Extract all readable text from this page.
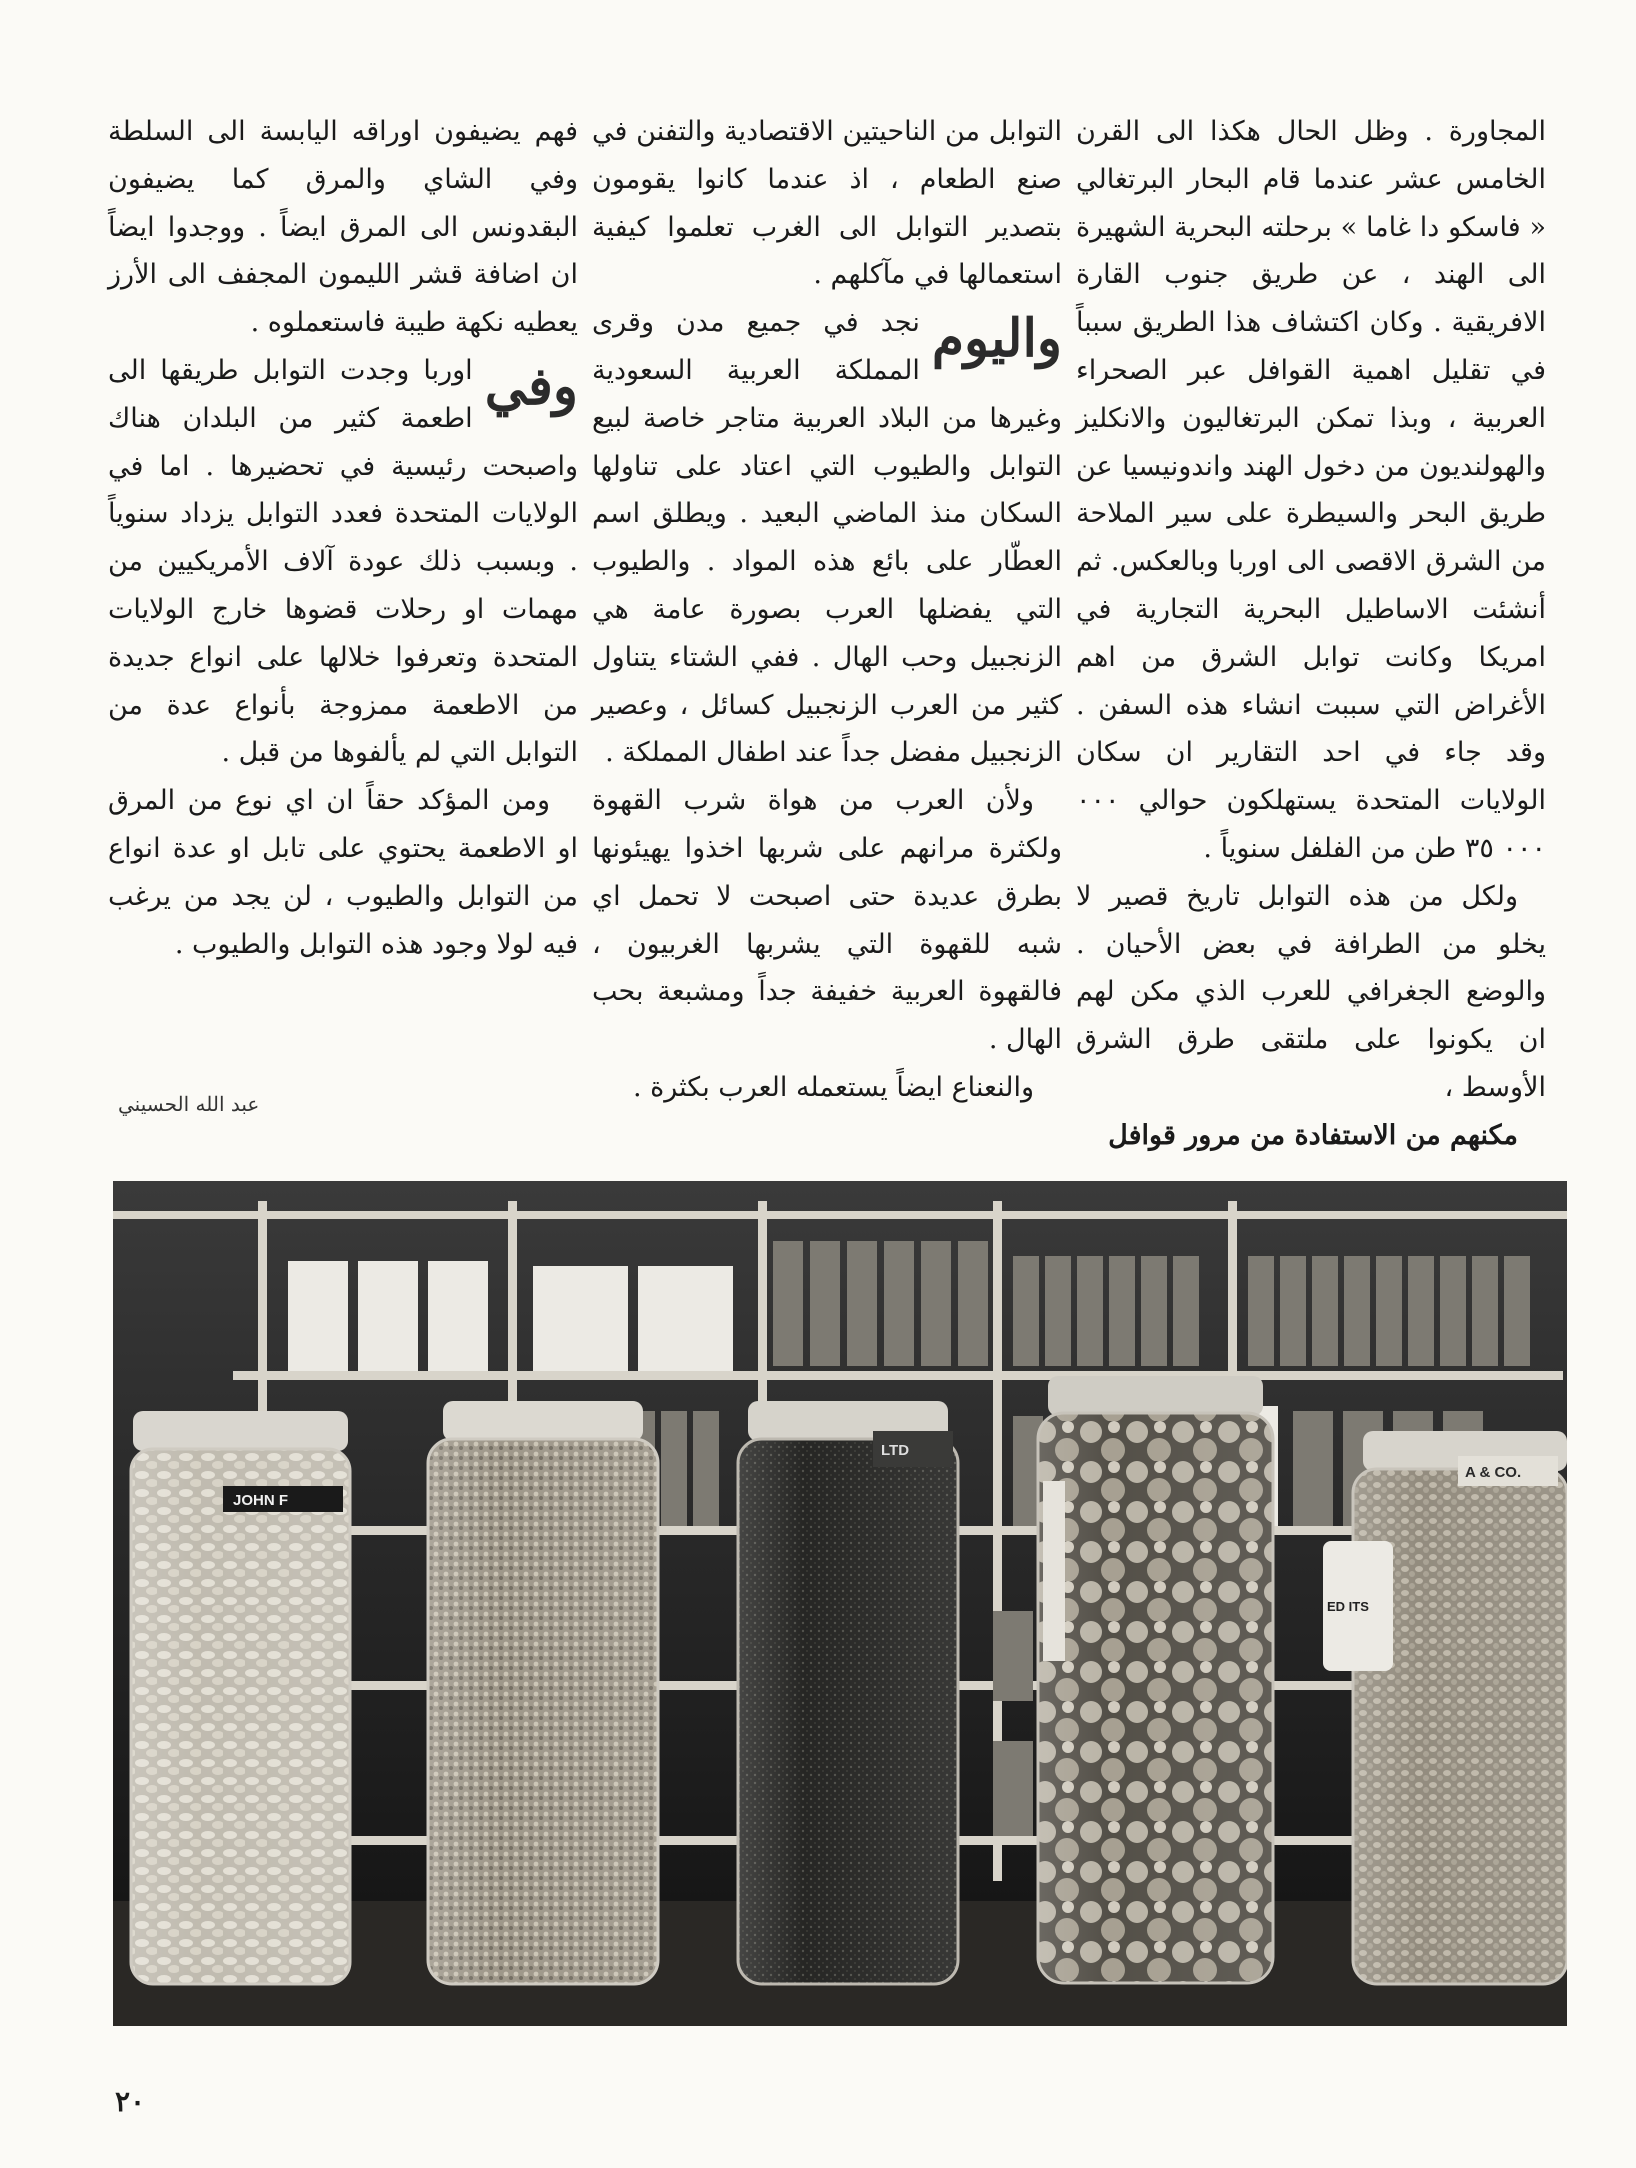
المجاورة . وظل الحال هكذا الى القرن الخامس عشر عندما قام البحار البرتغالي « فاسكو دا غاما » برحلته البحرية الشهيرة الى الهند ، عن طريق جنوب القارة الافريقية . وكان اكتشاف هذا الطريق سبباً في تقليل اهمية القوافل عبر الصحراء العربية ، وبذا تمكن البرتغاليون والانكليز والهولنديون من دخول الهند واندونيسيا عن طريق البحر والسيطرة على سير الملاحة من الشرق الاقصى الى اوربا وبالعكس. ثم أنشئت الاساطيل البحرية التجارية في امريكا وكانت توابل الشرق من اهم الأغراض التي سببت انشاء هذه السفن . وقد جاء في احد التقارير ان سكان الولايات المتحدة يستهلكون حوالي ٠٠٠ ٠٠٠ ٣٥ طن من الفلفل سنوياً .

ولكل من هذه التوابل تاريخ قصير لا يخلو من الطرافة في بعض الأحيان . والوضع الجغرافي للعرب الذي مكن لهم ان يكونوا على ملتقى طرق الشرق الأوسط ،

مكنهم من الاستفادة من مرور قوافل

التوابل من الناحيتين الاقتصادية والتفنن في صنع الطعام ، اذ عندما كانوا يقومون بتصدير التوابل الى الغرب تعلموا كيفية استعمالها في مآكلهم .

واليوم
نجد في جميع مدن وقرى المملكة العربية السعودية وغيرها من البلاد العربية متاجر خاصة لبيع التوابل والطيوب التي اعتاد على تناولها السكان منذ الماضي البعيد . ويطلق اسم العطّار على بائع هذه المواد . والطيوب التي يفضلها العرب بصورة عامة هي الزنجبيل وحب الهال . ففي الشتاء يتناول كثير من العرب الزنجبيل كسائل ، وعصير الزنجبيل مفضل جداً عند اطفال المملكة .

ولأن العرب من هواة شرب القهوة ولكثرة مرانهم على شربها اخذوا يهيئونها بطرق عديدة حتى اصبحت لا تحمل اي شبه للقهوة التي يشربها الغربيون ، فالقهوة العربية خفيفة جداً ومشبعة بحب الهال .

والنعناع ايضاً يستعمله العرب بكثرة .

فهم يضيفون اوراقه اليابسة الى السلطة وفي الشاي والمرق كما يضيفون البقدونس الى المرق ايضاً . ووجدوا ايضاً ان اضافة قشر الليمون المجفف الى الأرز يعطيه نكهة طيبة فاستعملوه .

وفي
اوربا وجدت التوابل طريقها الى اطعمة كثير من البلدان هناك واصبحت رئيسية في تحضيرها . اما في الولايات المتحدة فعدد التوابل يزداد سنوياً . وبسبب ذلك عودة آلاف الأمريكيين من مهمات او رحلات قضوها خارج الولايات المتحدة وتعرفوا خلالها على انواع جديدة من الاطعمة ممزوجة بأنواع عدة من التوابل التي لم يألفوها من قبل .

ومن المؤكد حقاً ان اي نوع من المرق او الاطعمة يحتوي على تابل او عدة انواع من التوابل والطيوب ، لن يجد من يرغب فيه لولا وجود هذه التوابل والطيوب .

عبد الله الحسيني
JOHN F
LTD
A & CO.
ED ITS
٢٠
